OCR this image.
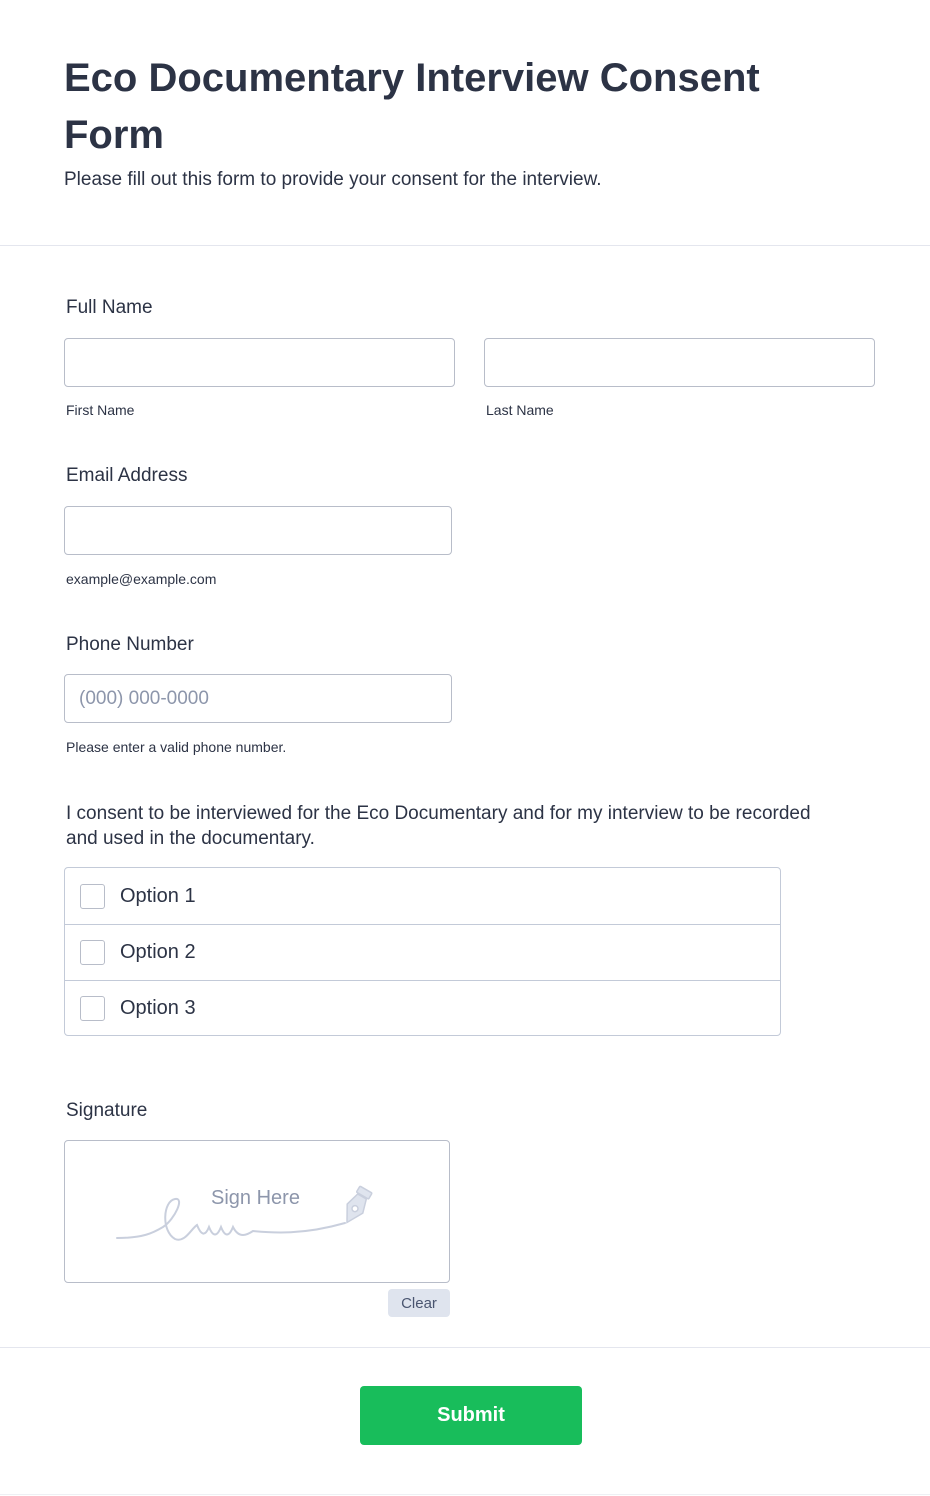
Eco Documentary Interview Consent Form

Please fill out this form to provide your consent for the interview.

Full Name
First Name	Last Name
Email Address
example@example.com
Phone Number
(000) 000-0000
Please enter a valid phone number.
I consent to be interviewed for the Eco Documentary and for my interview to be recorded and used in the documentary.
Option 1
Option 2
Option 3
Signature
Sign Here
Clear
Submit
